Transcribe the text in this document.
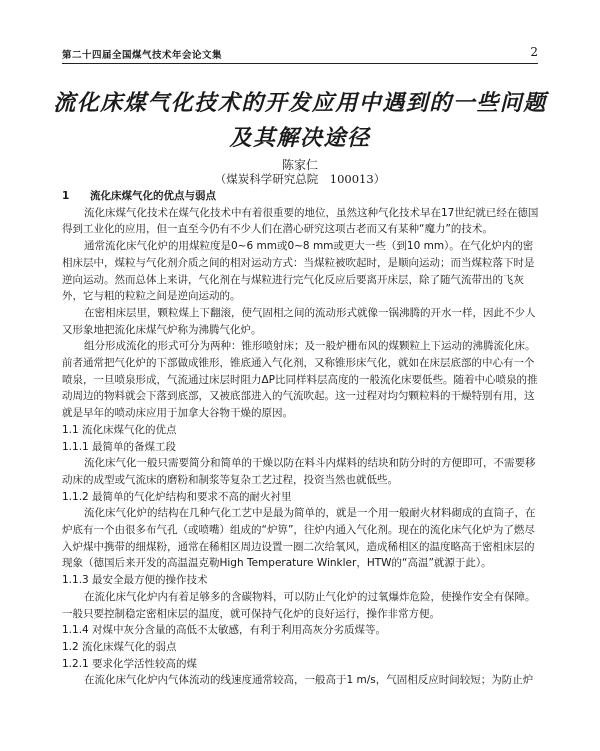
第二十四届全国煤气技术年会论文集	2
流化床煤气化技术的开发应用中遇到的一些问题
及其解决途径
陈家仁
（煤炭科学研究总院　100013）

1 流化床煤气化的优点与弱点

流化床煤气化技术在煤气化技术中有着很重要的地位，虽然这种气化技术早在17世纪就已经在德国得到工业化的应用，但一直至今仍有不少人们在潜心研究这项古老而又有某种“魔力”的技术。

通常流化床气化炉的用煤粒度是0~6 mm或0~8 mm或更大一些（到10 mm）。在气化炉内的密相床层中，煤粒与气化剂介质之间的相对运动方式：当煤粒被吹起时，是顺向运动；而当煤粒落下时是逆向运动。然而总体上来讲，气化剂在与煤粒进行完气化反应后要离开床层，除了随气流带出的飞灰外，它与粗的粒粒之间是逆向运动的。

在密相床层里，颗粒煤上下翻滚，使气固相之间的流动形式就像一锅沸腾的开水一样，因此不少人又形象地把流化床煤气炉称为沸腾气化炉。

组分形成流化的形式可分为两种：锥形喷射床；及一般炉栅布风的煤颗粒上下运动的沸腾流化床。前者通常把气化炉的下部做成锥形，锥底通入气化剂，又称锥形床气化，就如在床层底部的中心有一个喷泉，一旦喷泉形成，气流通过床层时阻力ΔP比同样料层高度的一般流化床要低些。随着中心喷泉的推动周边的物料就会下落到底部，又被底部进入的气流吹起。这一过程对均匀颗粒料的干燥特别有用，这就是早年的喷动床应用于加拿大谷物干燥的原因。

1.1 流化床煤气化的优点

1.1.1 最简单的备煤工段

流化床气化一般只需要简分和简单的干燥以防在料斗内煤料的结块和防分时的方便即可，不需要移动床的成型或气流床的磨粉和制浆等复杂工艺过程，投资当然也就低些。

1.1.2 最简单的气化炉结构和要求不高的耐火衬里

流化床气化炉的结构在几种气化工艺中是最为简单的，就是一个用一般耐火材料砌成的直筒子，在炉底有一个由很多布气孔（或喷嘴）组成的“炉箅”，往炉内通入气化剂。现在的流化床气化炉为了燃尽入炉煤中携带的细煤粉，通常在稀相区周边设置一圈二次给氧风，造成稀相区的温度略高于密相床层的现象（德国后来开发的高温温克勒High Temperature Winkler，HTW的“高温”就源于此）。

1.1.3 最安全最方便的操作技术

在流化床气化炉内有着足够多的含碳物料，可以防止气化炉的过氧爆炸危险，使操作安全有保障。一般只要控制稳定密相床层的温度，就可保持气化炉的良好运行，操作非常方便。

1.1.4 对煤中灰分含量的高低不太敏感，有利于利用高灰分劣质煤等。

1.2 流化床煤气化的弱点

1.2.1 要求化学活性较高的煤

在流化床气化炉内气体流动的线速度通常较高，一般高于1 m/s，气固相反应时间较短；为防止炉
